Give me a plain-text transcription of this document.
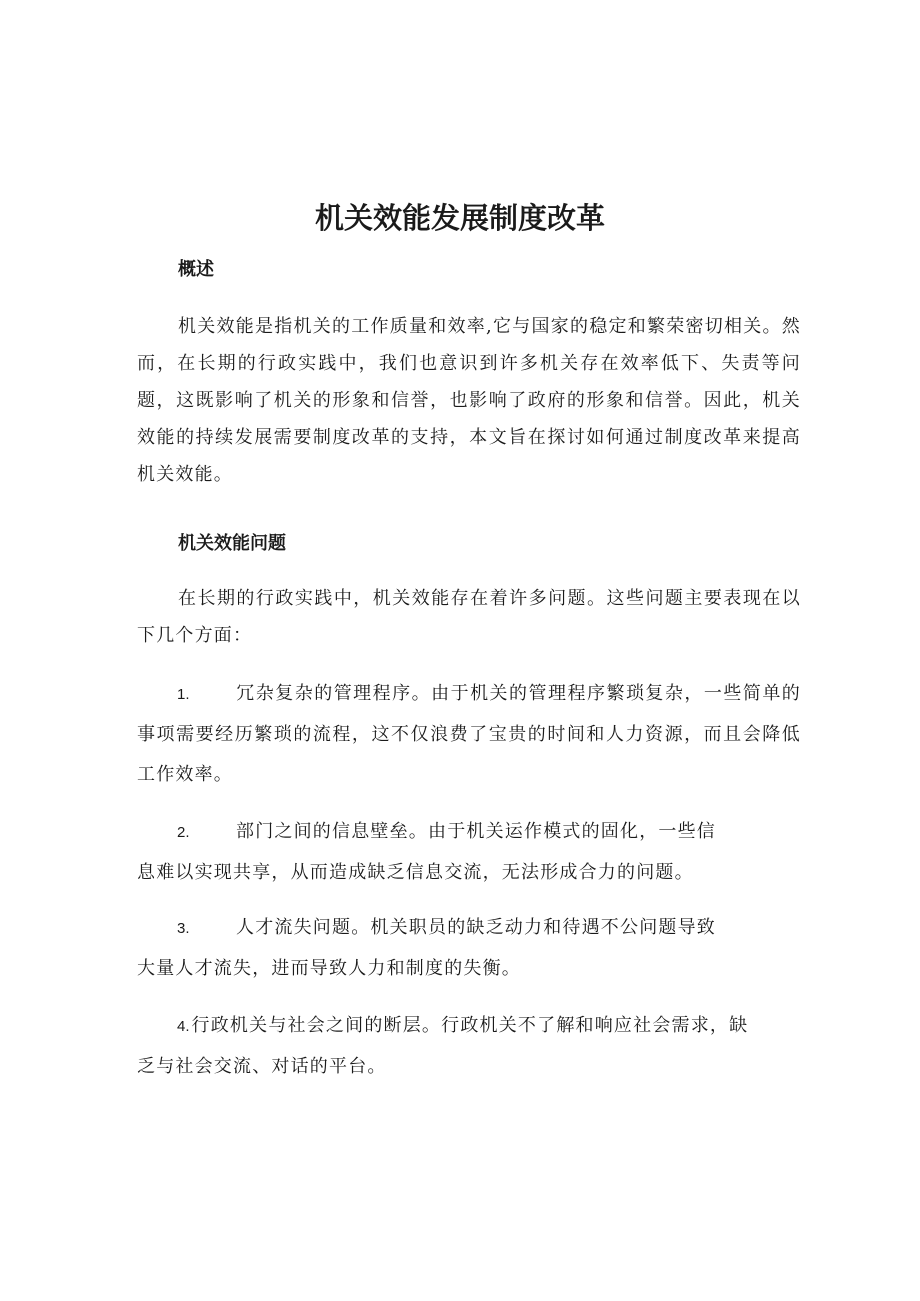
机关效能发展制度改革
概述
机关效能是指机关的工作质量和效率,它与国家的稳定和繁荣密切相关。然而，在长期的行政实践中，我们也意识到许多机关存在效率低下、失责等问题，这既影响了机关的形象和信誉，也影响了政府的形象和信誉。因此，机关效能的持续发展需要制度改革的支持，本文旨在探讨如何通过制度改革来提高机关效能。
机关效能问题
在长期的行政实践中，机关效能存在着许多问题。这些问题主要表现在以下几个方面：
1.	冗杂复杂的管理程序。由于机关的管理程序繁琐复杂，一些简单的事项需要经历繁琐的流程，这不仅浪费了宝贵的时间和人力资源，而且会降低工作效率。
2.	部门之间的信息壁垒。由于机关运作模式的固化，一些信
息难以实现共享，从而造成缺乏信息交流，无法形成合力的问题。
3.	人才流失问题。机关职员的缺乏动力和待遇不公问题导致
大量人才流失，进而导致人力和制度的失衡。
4. 行政机关与社会之间的断层。行政机关不了解和响应社会需求，缺
乏与社会交流、对话的平台。
